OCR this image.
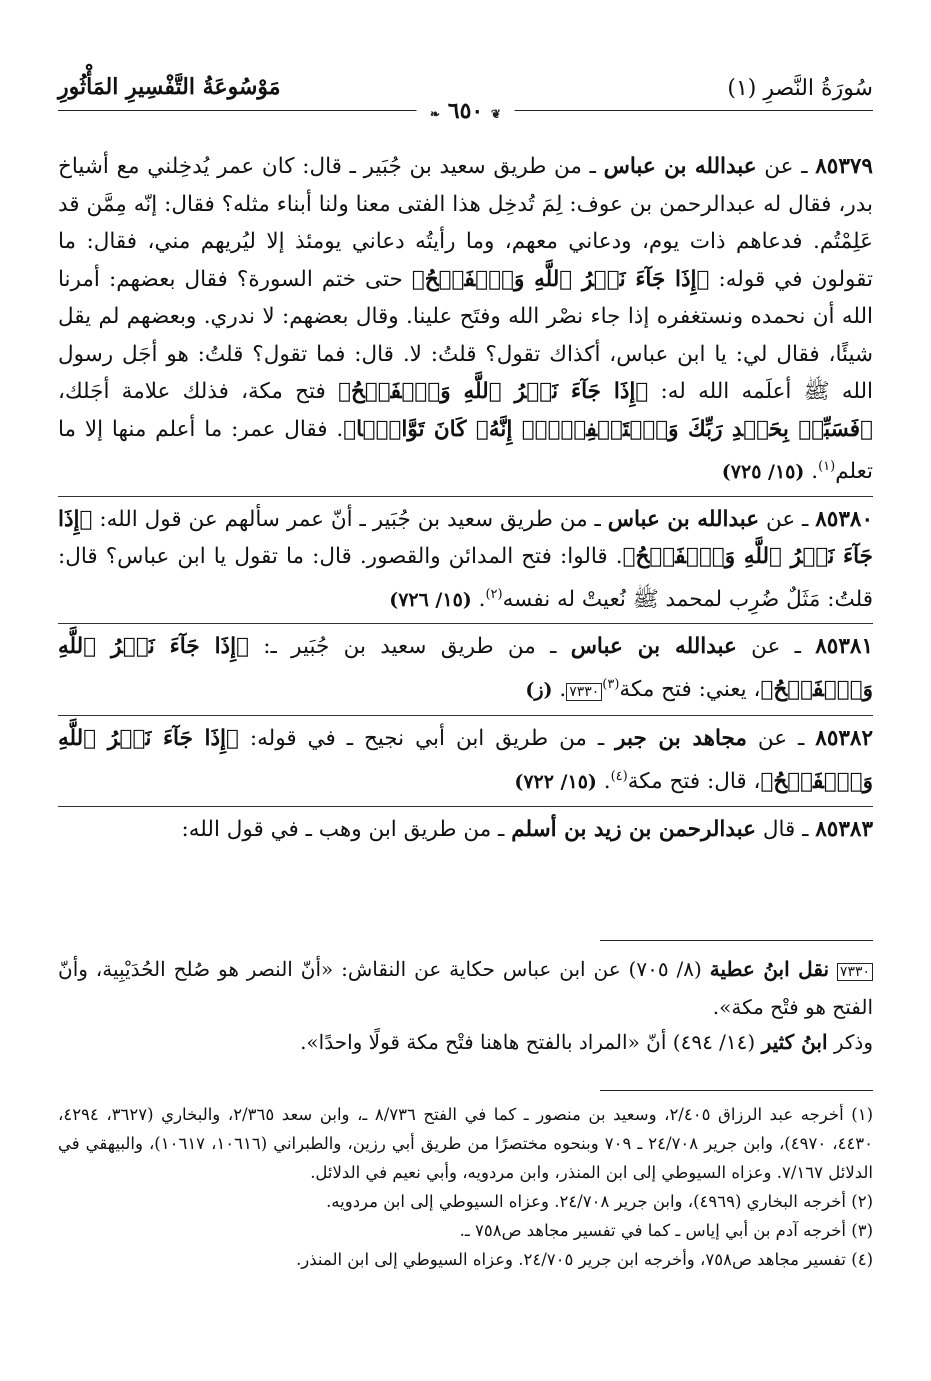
سُورَةُ النَّصرِ (١)
مَوْسُوعَةُ التَّفْسِيرِ المَأْثُورِ
❦ ٦٥٠ ❧

٨٥٣٧٩ ـ عن عبدالله بن عباس ـ من طريق سعيد بن جُبَير ـ قال: كان عمر يُدخِلني مع أشياخ بدر، فقال له عبدالرحمن بن عوف: لِمَ تُدخِل هذا الفتى معنا ولنا أبناء مثله؟ فقال: إنّه مِمَّن قد عَلِمْتُم. فدعاهم ذات يوم، ودعاني معهم، وما رأيتُه دعاني يومئذ إلا ليُريهم مني، فقال: ما تقولون في قوله: ﴿إِذَا جَآءَ نَصۡرُ ٱللَّهِ وَٱلۡفَتۡحُ﴾ حتى ختم السورة؟ فقال بعضهم: أمرنا الله أن نحمده ونستغفره إذا جاء نصْر الله وفتَح علينا. وقال بعضهم: لا ندري. وبعضهم لم يقل شيئًا، فقال لي: يا ابن عباس، أكذاك تقول؟ قلتُ: لا. قال: فما تقول؟ قلتُ: هو أجَل رسول الله ﷺ أعلَمه الله له: ﴿إِذَا جَآءَ نَصۡرُ ٱللَّهِ وَٱلۡفَتۡحُ﴾ فتح مكة، فذلك علامة أجَلك، ﴿فَسَبِّحۡ بِحَمۡدِ رَبِّكَ وَٱسۡتَغۡفِرۡهُۚ إِنَّهُۥ كَانَ تَوَّابَۢا﴾. فقال عمر: ما أعلم منها إلا ما تعلم$^{(١)}$. (١٥/ ٧٢٥)

٨٥٣٨٠ ـ عن عبدالله بن عباس ـ من طريق سعيد بن جُبَير ـ أنّ عمر سألهم عن قول الله: ﴿إِذَا جَآءَ نَصۡرُ ٱللَّهِ وَٱلۡفَتۡحُ﴾. قالوا: فتح المدائن والقصور. قال: ما تقول يا ابن عباس؟ قال: قلتُ: مَثَلٌ ضُرِب لمحمد ﷺ نُعيتْ له نفسه$^{(٢)}$. (١٥/ ٧٢٦)

٨٥٣٨١ ـ عن عبدالله بن عباس ـ من طريق سعيد بن جُبَير ـ: ﴿إِذَا جَآءَ نَصۡرُ ٱللَّهِ وَٱلۡفَتۡحُ﴾، يعني: فتح مكة$^{(٣)}$٧٣٣٠. (ز)

٨٥٣٨٢ ـ عن مجاهد بن جبر ـ من طريق ابن أبي نجيح ـ في قوله: ﴿إِذَا جَآءَ نَصۡرُ ٱللَّهِ وَٱلۡفَتۡحُ﴾، قال: فتح مكة$^{(٤)}$. (١٥/ ٧٢٢)

٨٥٣٨٣ ـ قال عبدالرحمن بن زيد بن أسلم ـ من طريق ابن وهب ـ في قول الله:

٧٣٣٠ نقل ابنُ عطية (٨/ ٧٠٥) عن ابن عباس حكاية عن النقاش: «أنّ النصر هو صُلح الحُدَيْبِية، وأنّ الفتح هو فتْح مكة».

وذكر ابنُ كثير (١٤/ ٤٩٤) أنّ «المراد بالفتح هاهنا فتْح مكة قولًا واحدًا».

(١) أخرجه عبد الرزاق ٢/٤٠٥، وسعيد بن منصور ـ كما في الفتح ٨/٧٣٦ ـ، وابن سعد ٢/٣٦٥، والبخاري (٣٦٢٧، ٤٢٩٤، ٤٤٣٠، ٤٩٧٠)، وابن جرير ٢٤/٧٠٨ ـ ٧٠٩ وبنحوه مختصرًا من طريق أبي رزين، والطبراني (١٠٦١٦، ١٠٦١٧)، والبيهقي في الدلائل ٧/١٦٧. وعزاه السيوطي إلى ابن المنذر، وابن مردويه، وأبي نعيم في الدلائل.

(٢) أخرجه البخاري (٤٩٦٩)، وابن جرير ٢٤/٧٠٨. وعزاه السيوطي إلى ابن مردويه.

(٣) أخرجه آدم بن أبي إياس ـ كما في تفسير مجاهد ص٧٥٨ ـ.

(٤) تفسير مجاهد ص٧٥٨، وأخرجه ابن جرير ٢٤/٧٠٥. وعزاه السيوطي إلى ابن المنذر.
